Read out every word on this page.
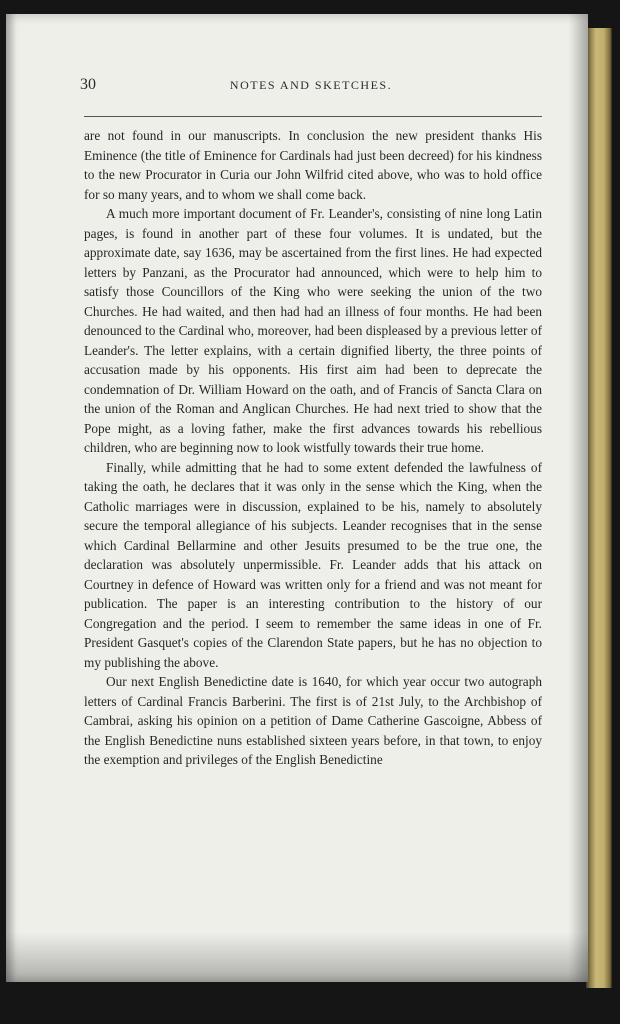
30	NOTES AND SKETCHES.

are not found in our manuscripts. In conclusion the new president thanks His Eminence (the title of Eminence for Cardinals had just been decreed) for his kindness to the new Procurator in Curia our John Wilfrid cited above, who was to hold office for so many years, and to whom we shall come back.

A much more important document of Fr. Leander's, consisting of nine long Latin pages, is found in another part of these four volumes. It is undated, but the approximate date, say 1636, may be ascertained from the first lines. He had expected letters by Panzani, as the Procurator had announced, which were to help him to satisfy those Councillors of the King who were seeking the union of the two Churches. He had waited, and then had had an illness of four months. He had been denounced to the Cardinal who, moreover, had been displeased by a previous letter of Leander's. The letter explains, with a certain dignified liberty, the three points of accusation made by his opponents. His first aim had been to deprecate the condemnation of Dr. William Howard on the oath, and of Francis of Sancta Clara on the union of the Roman and Anglican Churches. He had next tried to show that the Pope might, as a loving father, make the first advances towards his rebellious children, who are beginning now to look wistfully towards their true home.

Finally, while admitting that he had to some extent defended the lawfulness of taking the oath, he declares that it was only in the sense which the King, when the Catholic marriages were in discussion, explained to be his, namely to absolutely secure the temporal allegiance of his subjects. Leander recognises that in the sense which Cardinal Bellarmine and other Jesuits presumed to be the true one, the declaration was absolutely unpermissible. Fr. Leander adds that his attack on Courtney in defence of Howard was written only for a friend and was not meant for publication. The paper is an interesting contribution to the history of our Congregation and the period. I seem to remember the same ideas in one of Fr. President Gasquet's copies of the Clarendon State papers, but he has no objection to my publishing the above.

Our next English Benedictine date is 1640, for which year occur two autograph letters of Cardinal Francis Barberini. The first is of 21st July, to the Archbishop of Cambrai, asking his opinion on a petition of Dame Catherine Gascoigne, Abbess of the English Benedictine nuns established sixteen years before, in that town, to enjoy the exemption and privileges of the English Benedictine
